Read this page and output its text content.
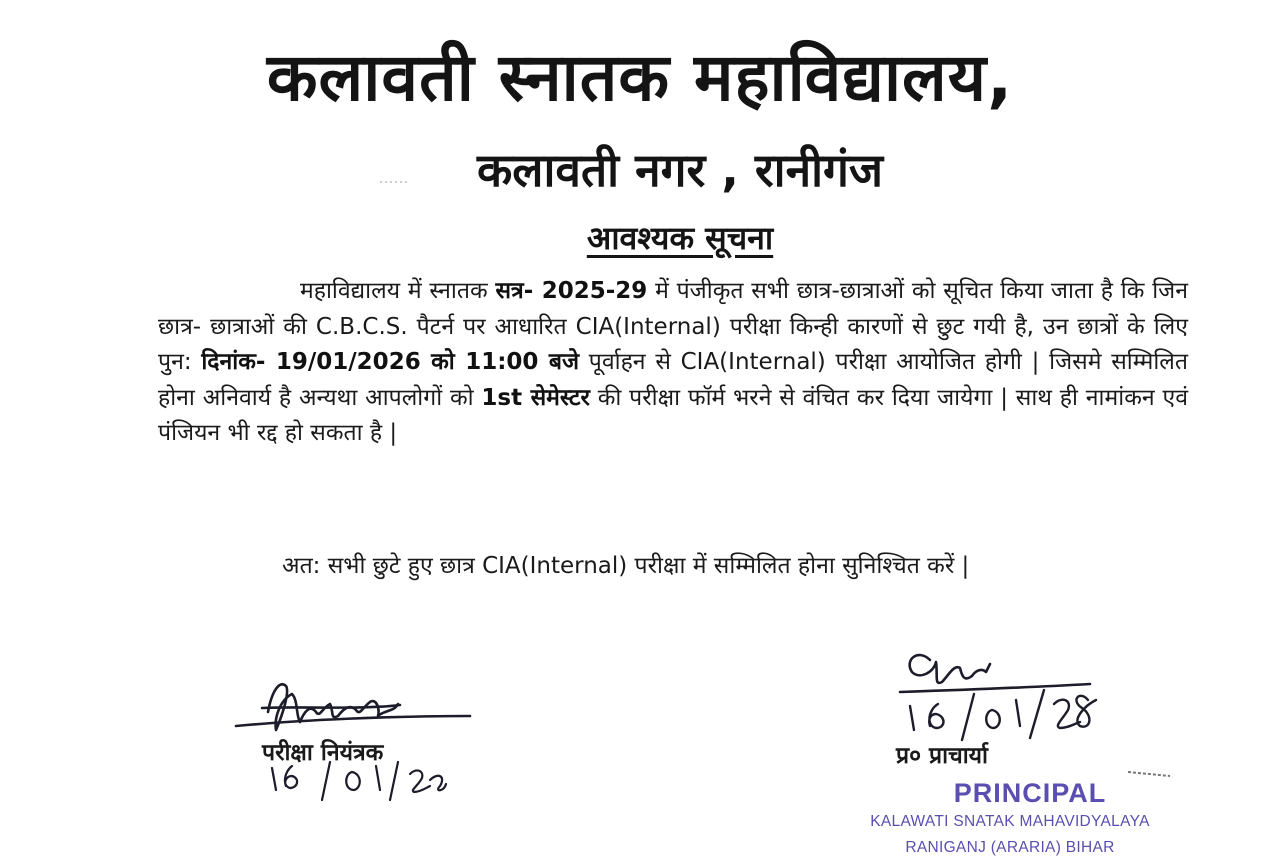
कलावती स्नातक महाविद्यालय,
कलावती नगर , रानीगंज
आवश्यक सूचना

महाविद्यालय में स्नातक सत्र- 2025-29 में पंजीकृत सभी छात्र-छात्राओं को सूचित किया जाता है कि जिन छात्र- छात्राओं की C.B.C.S. पैटर्न पर आधारित CIA(Internal) परीक्षा किन्ही कारणों से छुट गयी है, उन छात्रों के लिए पुन: दिनांक- 19/01/2026 को 11:00 बजे पूर्वाहन से CIA(Internal) परीक्षा आयोजित होगी | जिसमे सम्मिलित होना अनिवार्य है अन्यथा आपलोगों को 1st सेमेस्टर की परीक्षा फॉर्म भरने से वंचित कर दिया जायेगा | साथ ही नामांकन एवं पंजियन भी रद्द हो सकता है |

अत: सभी छुटे हुए छात्र CIA(Internal) परीक्षा में सम्मिलित होना सुनिश्चित करें |
परीक्षा नियंत्रक	प्र० प्राचार्या
PRINCIPAL
KALAWATI SNATAK MAHAVIDYALAYA
RANIGANJ (ARARIA) BIHAR
